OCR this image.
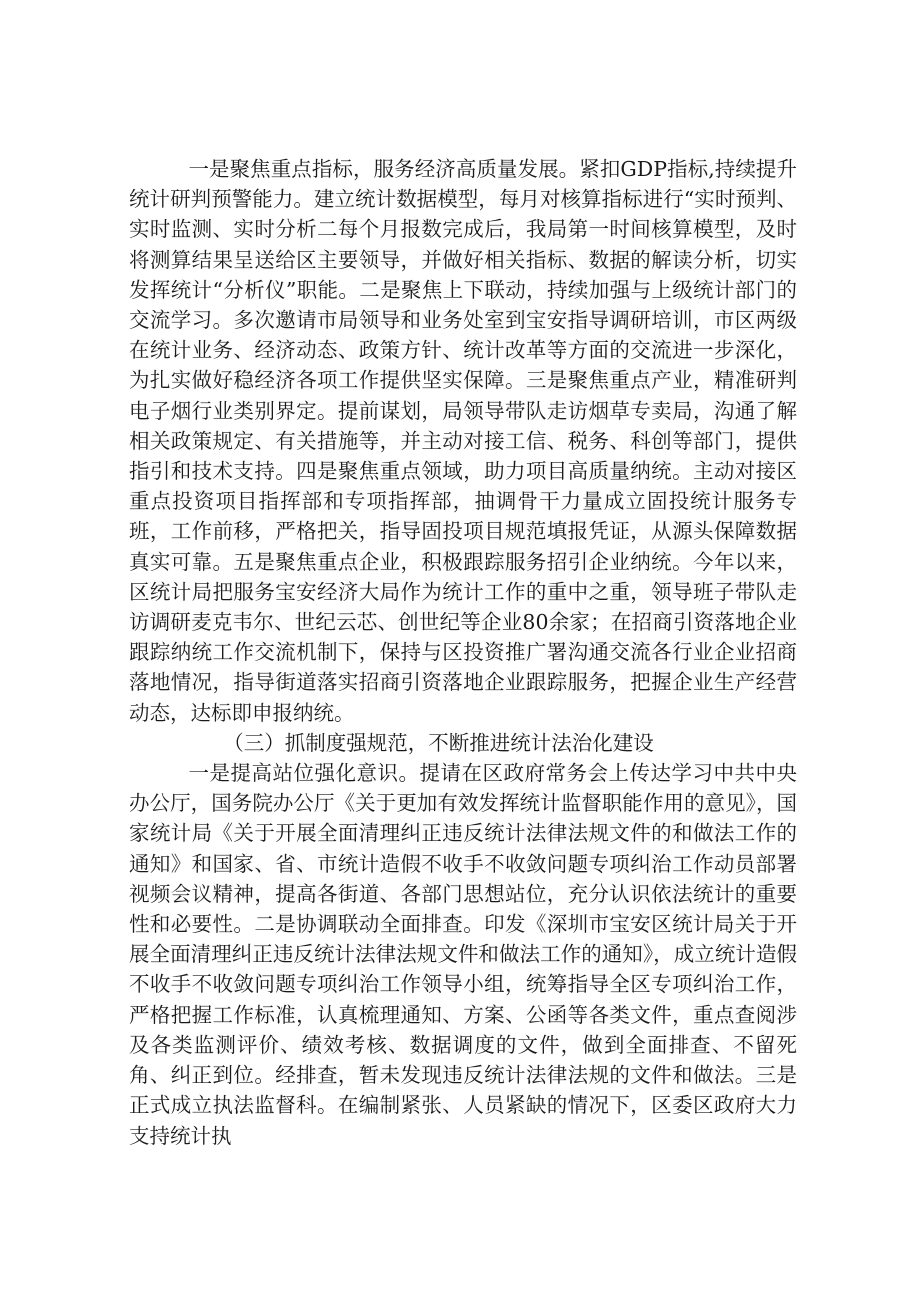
一是聚焦重点指标，服务经济高质量发展。紧扣GDP指标,持续提升统计研判预警能力。建立统计数据模型，每月对核算指标进行“实时预判、实时监测、实时分析二每个月报数完成后，我局第一时间核算模型，及时将测算结果呈送给区主要领导，并做好相关指标、数据的解读分析，切实发挥统计“分析仪”职能。二是聚焦上下联动，持续加强与上级统计部门的交流学习。多次邀请市局领导和业务处室到宝安指导调研培训，市区两级在统计业务、经济动态、政策方针、统计改革等方面的交流进一步深化，为扎实做好稳经济各项工作提供坚实保障。三是聚焦重点产业，精准研判电子烟行业类别界定。提前谋划，局领导带队走访烟草专卖局，沟通了解相关政策规定、有关措施等，并主动对接工信、税务、科创等部门，提供指引和技术支持。四是聚焦重点领域，助力项目高质量纳统。主动对接区重点投资项目指挥部和专项指挥部，抽调骨干力量成立固投统计服务专班，工作前移，严格把关，指导固投项目规范填报凭证，从源头保障数据真实可靠。五是聚焦重点企业，积极跟踪服务招引企业纳统。今年以来，区统计局把服务宝安经济大局作为统计工作的重中之重，领导班子带队走访调研麦克韦尔、世纪云芯、创世纪等企业80余家；在招商引资落地企业跟踪纳统工作交流机制下，保持与区投资推广署沟通交流各行业企业招商落地情况，指导街道落实招商引资落地企业跟踪服务，把握企业生产经营动态，达标即申报纳统。

（三）抓制度强规范，不断推进统计法治化建设

一是提高站位强化意识。提请在区政府常务会上传达学习中共中央办公厅，国务院办公厅《关于更加有效发挥统计监督职能作用的意见》，国家统计局《关于开展全面清理纠正违反统计法律法规文件的和做法工作的通知》和国家、省、市统计造假不收手不收敛问题专项纠治工作动员部署视频会议精神，提高各街道、各部门思想站位，充分认识依法统计的重要性和必要性。二是协调联动全面排查。印发《深圳市宝安区统计局关于开展全面清理纠正违反统计法律法规文件和做法工作的通知》，成立统计造假不收手不收敛问题专项纠治工作领导小组，统筹指导全区专项纠治工作，严格把握工作标准，认真梳理通知、方案、公函等各类文件，重点查阅涉及各类监测评价、绩效考核、数据调度的文件，做到全面排查、不留死角、纠正到位。经排查，暂未发现违反统计法律法规的文件和做法。三是正式成立执法监督科。在编制紧张、人员紧缺的情况下，区委区政府大力支持统计执
